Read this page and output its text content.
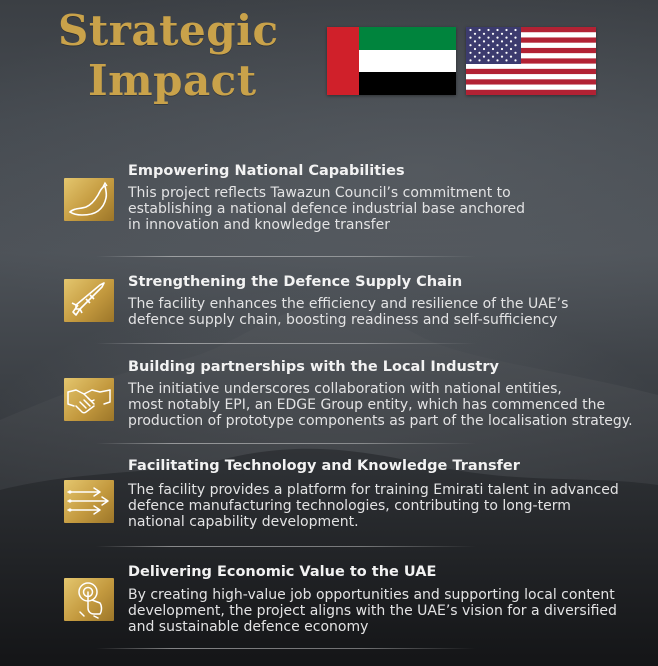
Strategic
Impact
Empowering National Capabilities

This project reflects Tawazun Council’s commitment to
establishing a national defence industrial base anchored
in innovation and knowledge transfer

Strengthening the Defence Supply Chain

The facility enhances the efficiency and resilience of the UAE’s
defence supply chain, boosting readiness and self-sufficiency

Building partnerships with the Local Industry

The initiative underscores collaboration with national entities,
most notably EPI, an EDGE Group entity, which has commenced the
production of prototype components as part of the localisation strategy.

Facilitating Technology and Knowledge Transfer

The facility provides a platform for training Emirati talent in advanced
defence manufacturing technologies, contributing to long-term
national capability development.

Delivering Economic Value to the UAE

By creating high-value job opportunities and supporting local content
development, the project aligns with the UAE’s vision for a diversified
and sustainable defence economy
